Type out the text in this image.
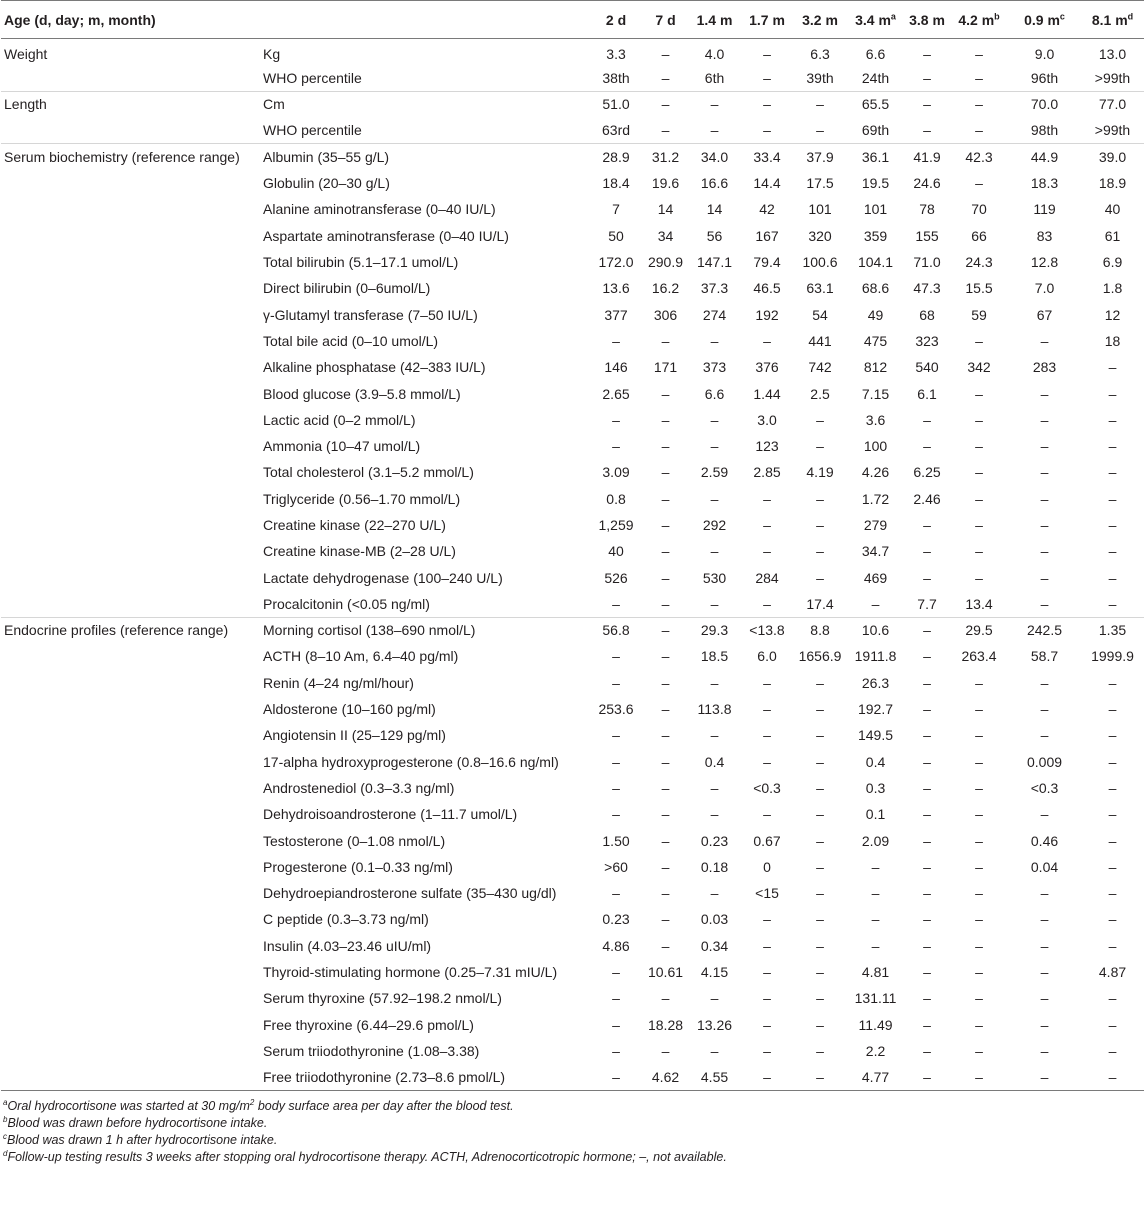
Age (d, day; m, month)		2 d	7 d	1.4 m	1.7 m	3.2 m	3.4 $m^a$	3.8 m	4.2 $m^b$	0.9 $m^c$	8.1 $m^d$
Weight	Kg	3.3	–	4.0	–	6.3	6.6	–	–	9.0	13.0
	WHO percentile	38th	–	6th	–	39th	24th	–	–	96th	>99th
Length	Cm	51.0	–	–	–	–	65.5	–	–	70.0	77.0
	WHO percentile	63rd	–	–	–	–	69th	–	–	98th	>99th
Serum biochemistry (reference range)	Albumin (35–55 g/L)	28.9	31.2	34.0	33.4	37.9	36.1	41.9	42.3	44.9	39.0
	Globulin (20–30 g/L)	18.4	19.6	16.6	14.4	17.5	19.5	24.6	–	18.3	18.9
	Alanine aminotransferase (0–40 IU/L)	7	14	14	42	101	101	78	70	119	40
	Aspartate aminotransferase (0–40 IU/L)	50	34	56	167	320	359	155	66	83	61
	Total bilirubin (5.1–17.1 umol/L)	172.0	290.9	147.1	79.4	100.6	104.1	71.0	24.3	12.8	6.9
	Direct bilirubin (0–6umol/L)	13.6	16.2	37.3	46.5	63.1	68.6	47.3	15.5	7.0	1.8
	γ-Glutamyl transferase (7–50 IU/L)	377	306	274	192	54	49	68	59	67	12
	Total bile acid (0–10 umol/L)	–	–	–	–	441	475	323	–	–	18
	Alkaline phosphatase (42–383 IU/L)	146	171	373	376	742	812	540	342	283	–
	Blood glucose (3.9–5.8 mmol/L)	2.65	–	6.6	1.44	2.5	7.15	6.1	–	–	–
	Lactic acid (0–2 mmol/L)	–	–	–	3.0	–	3.6	–	–	–	–
	Ammonia (10–47 umol/L)	–	–	–	123	–	100	–	–	–	–
	Total cholesterol (3.1–5.2 mmol/L)	3.09	–	2.59	2.85	4.19	4.26	6.25	–	–	–
	Triglyceride (0.56–1.70 mmol/L)	0.8	–	–	–	–	1.72	2.46	–	–	–
	Creatine kinase (22–270 U/L)	1,259	–	292	–	–	279	–	–	–	–
	Creatine kinase-MB (2–28 U/L)	40	–	–	–	–	34.7	–	–	–	–
	Lactate dehydrogenase (100–240 U/L)	526	–	530	284	–	469	–	–	–	–
	Procalcitonin (<0.05 ng/ml)	–	–	–	–	17.4	–	7.7	13.4	–	–
Endocrine profiles (reference range)	Morning cortisol (138–690 nmol/L)	56.8	–	29.3	<13.8	8.8	10.6	–	29.5	242.5	1.35
	ACTH (8–10 Am, 6.4–40 pg/ml)	–	–	18.5	6.0	1656.9	1911.8	–	263.4	58.7	1999.9
	Renin (4–24 ng/ml/hour)	–	–	–	–	–	26.3	–	–	–	–
	Aldosterone (10–160 pg/ml)	253.6	–	113.8	–	–	192.7	–	–	–	–
	Angiotensin II (25–129 pg/ml)	–	–	–	–	–	149.5	–	–	–	–
	17-alpha hydroxyprogesterone (0.8–16.6 ng/ml)	–	–	0.4	–	–	0.4	–	–	0.009	–
	Androstenediol (0.3–3.3 ng/ml)	–	–	–	<0.3	–	0.3	–	–	<0.3	–
	Dehydroisoandrosterone (1–11.7 umol/L)	–	–	–	–	–	0.1	–	–	–	–
	Testosterone (0–1.08 nmol/L)	1.50	–	0.23	0.67	–	2.09	–	–	0.46	–
	Progesterone (0.1–0.33 ng/ml)	>60	–	0.18	0	–	–	–	–	0.04	–
	Dehydroepiandrosterone sulfate (35–430 ug/dl)	–	–	–	<15	–	–	–	–	–	–
	C peptide (0.3–3.73 ng/ml)	0.23	–	0.03	–	–	–	–	–	–	–
	Insulin (4.03–23.46 uIU/ml)	4.86	–	0.34	–	–	–	–	–	–	–
	Thyroid-stimulating hormone (0.25–7.31 mIU/L)	–	10.61	4.15	–	–	4.81	–	–	–	4.87
	Serum thyroxine (57.92–198.2 nmol/L)	–	–	–	–	–	131.11	–	–	–	–
	Free thyroxine (6.44–29.6 pmol/L)	–	18.28	13.26	–	–	11.49	–	–	–	–
	Serum triiodothyronine (1.08–3.38)	–	–	–	–	–	2.2	–	–	–	–
	Free triiodothyronine (2.73–8.6 pmol/L)	–	4.62	4.55	–	–	4.77	–	–	–	–
$^a$Oral hydrocortisone was started at 30 $mg/m^2$ body surface area per day after the blood test.
$^b$Blood was drawn before hydrocortisone intake.
$^c$Blood was drawn 1 h after hydrocortisone intake.
$^d$Follow-up testing results 3 weeks after stopping oral hydrocortisone therapy. ACTH, Adrenocorticotropic hormone; –, not available.
